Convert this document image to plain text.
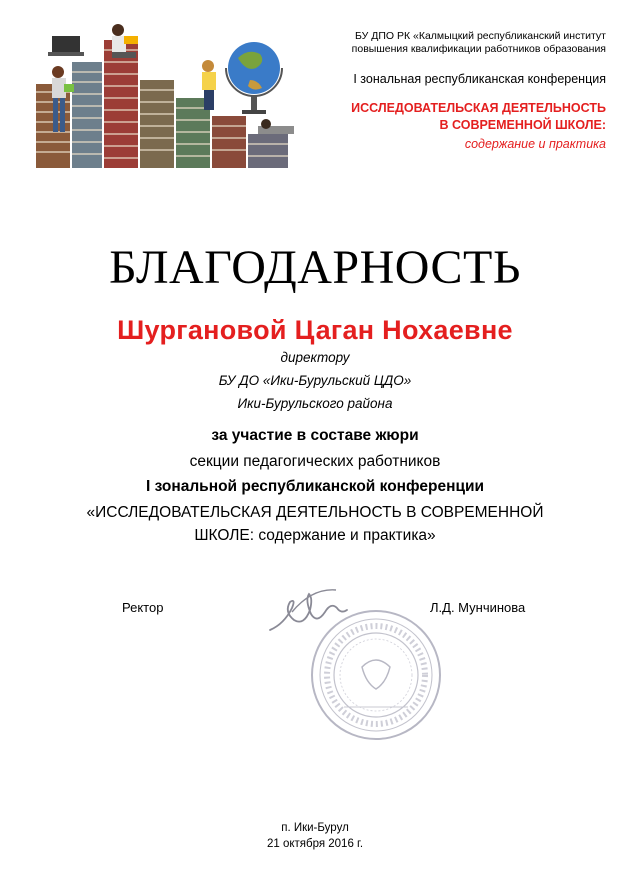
БУ ДПО РК «Калмыцкий республиканский институт
повышения квалификации работников образования
I зональная республиканская конференция
ИССЛЕДОВАТЕЛЬСКАЯ ДЕЯТЕЛЬНОСТЬ
В СОВРЕМЕННОЙ ШКОЛЕ:
содержание и практика
БЛАГОДАРНОСТЬ
Шургановой Цаган Нохаевне
директору
БУ ДО «Ики-Бурульский ЦДО»
Ики-Бурульского района
за участие в составе жюри
секции педагогических работников
I зональной республиканской конференции
«ИССЛЕДОВАТЕЛЬСКАЯ ДЕЯТЕЛЬНОСТЬ В СОВРЕМЕННОЙ
ШКОЛЕ: содержание и практика»
Ректор	Л.Д. Мунчинова
п. Ики-Бурул
21 октября 2016 г.
